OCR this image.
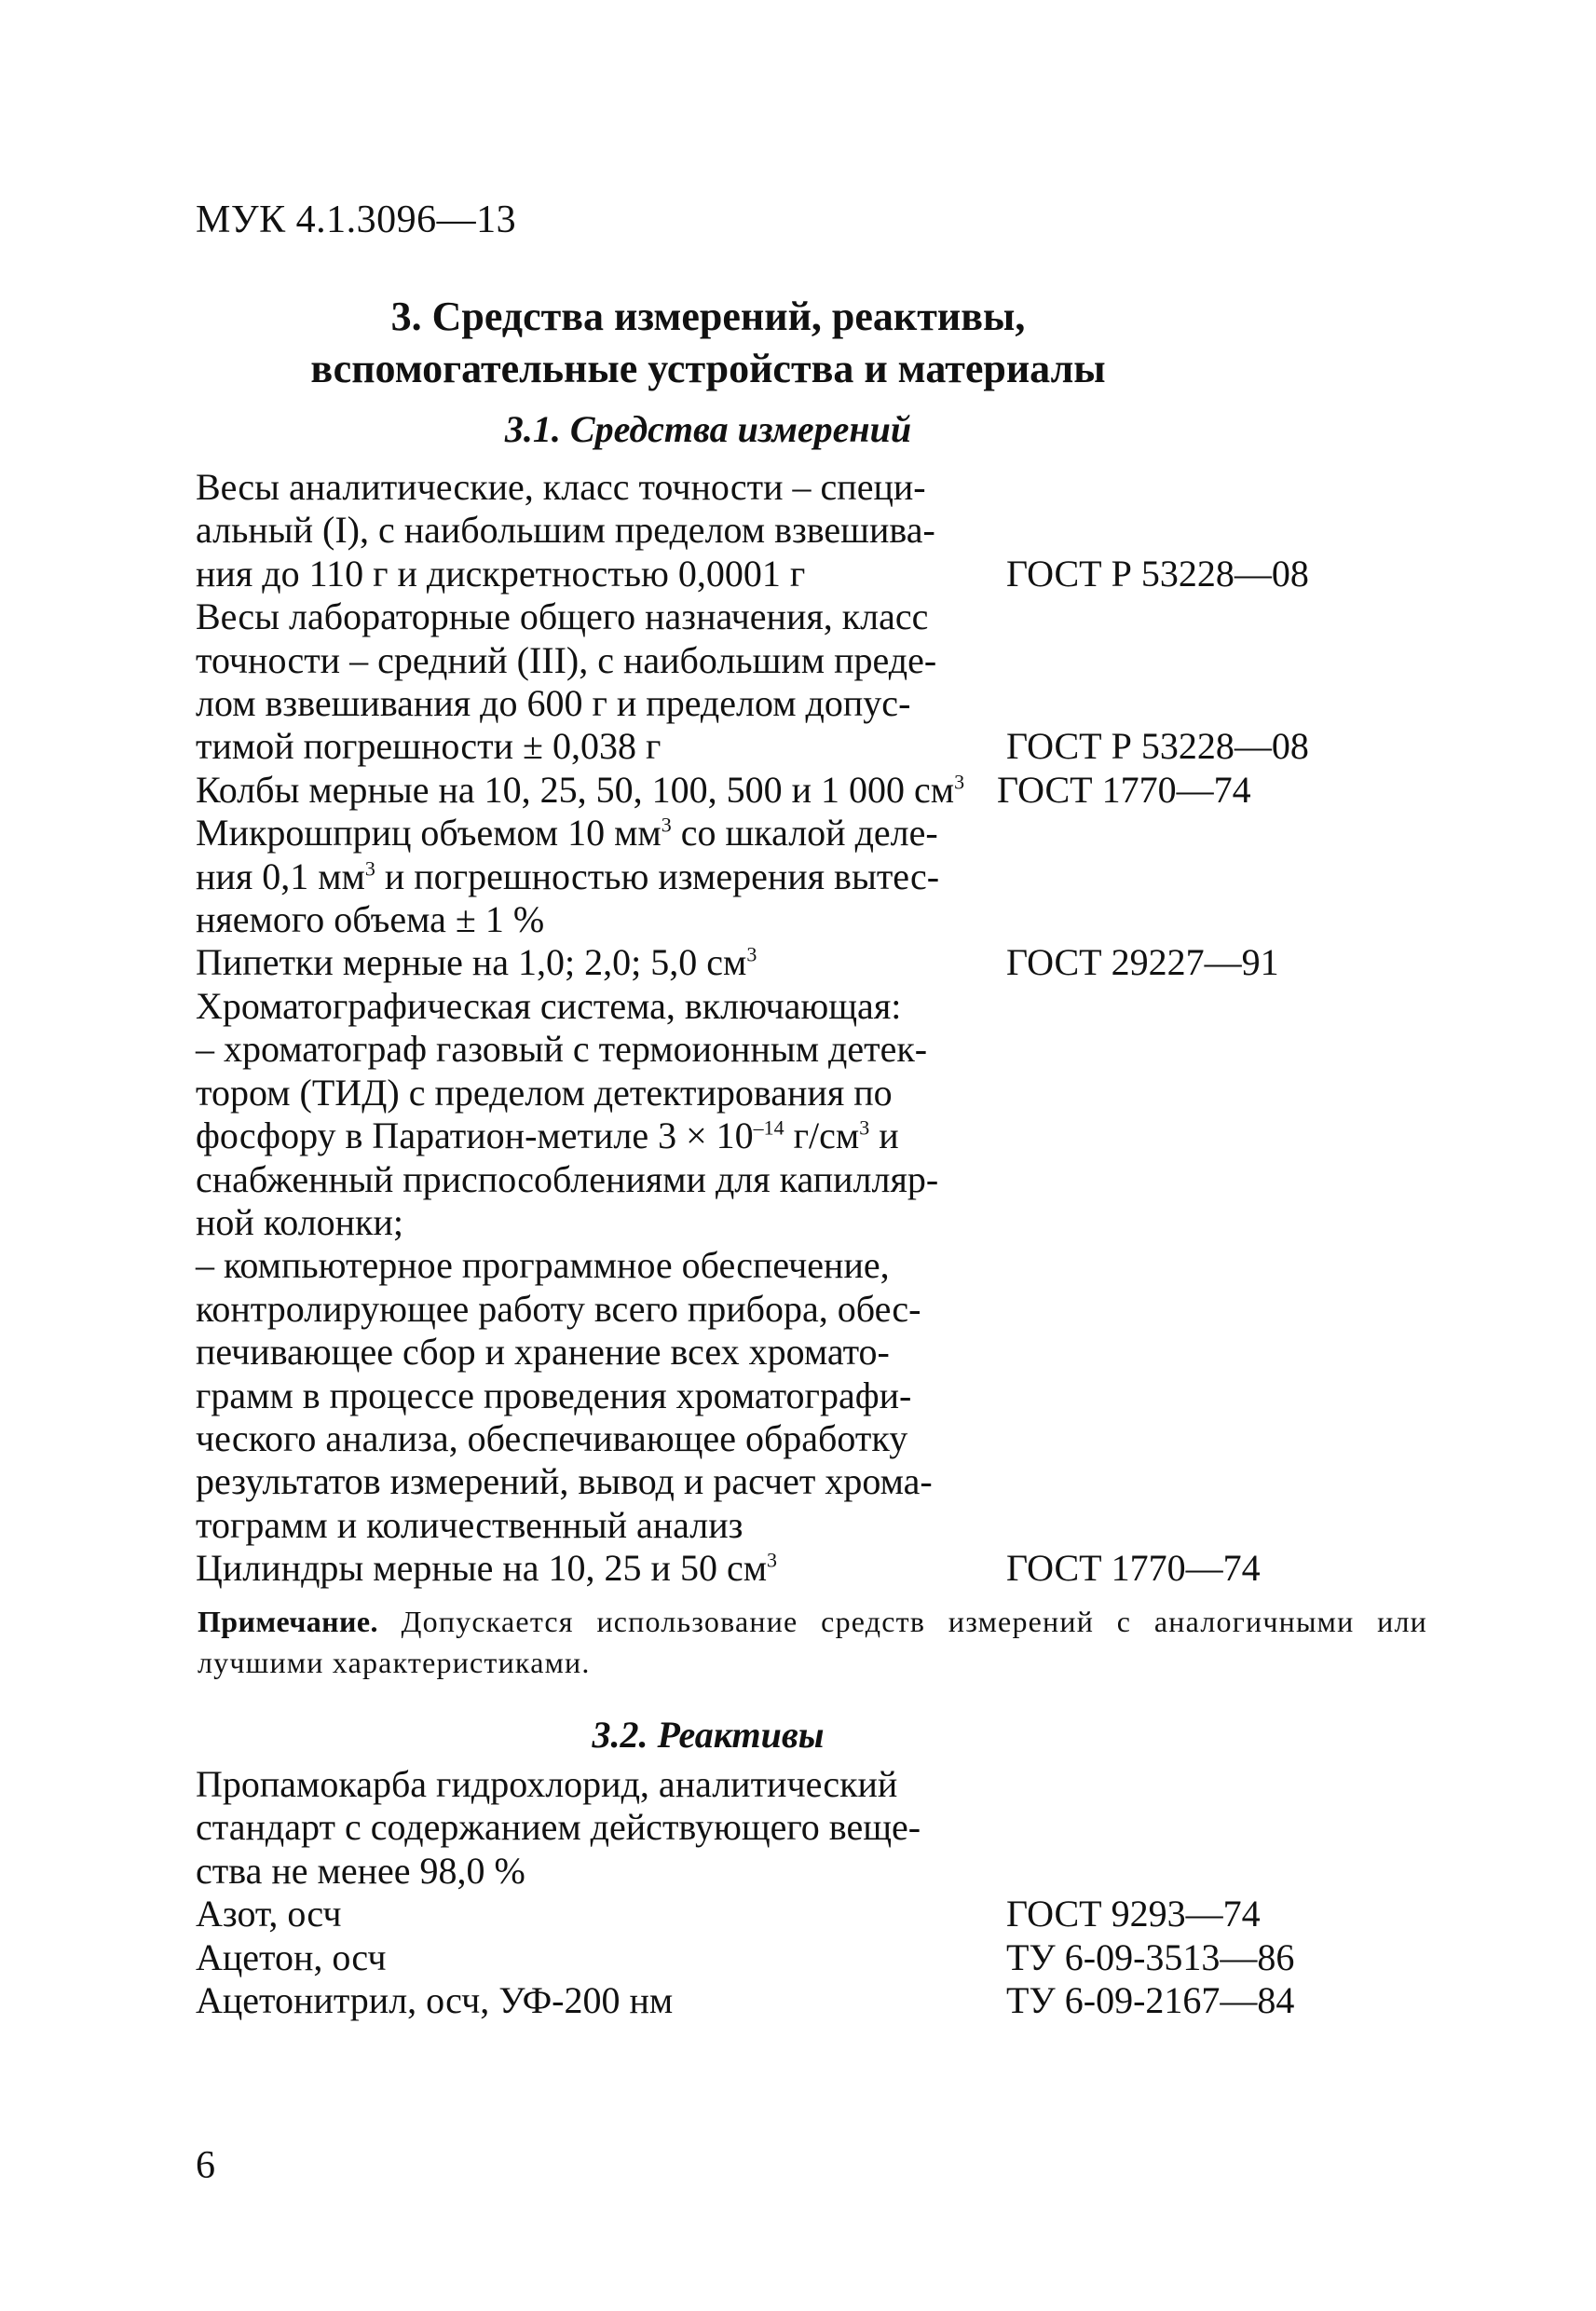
МУК 4.1.3096—13
3. Средства измерений, реактивы,
вспомогательные устройства и материалы
3.1. Средства измерений
Весы аналитические, класс точности – специ-
альный (I), с наибольшим пределом взвешива-
ния до 110 г и дискретностью 0,0001 г	ГОСТ Р 53228—08
Весы лабораторные общего назначения, класс
точности – средний (III), с наибольшим преде-
лом взвешивания до 600 г и пределом допус-
тимой погрешности ± 0,038 г	ГОСТ Р 53228—08
Колбы мерные на 10, 25, 50, 100, 500 и 1 000 $см^3$ ГОСТ 1770—74
Микрошприц объемом 10 $мм^3$ со шкалой деле-
ния 0,1 $мм^3$ и погрешностью измерения вытес-
няемого объема ± 1 %
Пипетки мерные на 1,0; 2,0; 5,0 $см^3$	ГОСТ 29227—91
Хроматографическая система, включающая:
– хроматограф газовый с термоионным детек-
тором (ТИД) с пределом детектирования по
фосфору в Паратион-метиле $3 \times 10^{-14}$ $г/см^3$ и
снабженный приспособлениями для капилляр-
ной колонки;
– компьютерное программное обеспечение,
контролирующее работу всего прибора, обес-
печивающее сбор и хранение всех хромато-
грамм в процессе проведения хроматографи-
ческого анализа, обеспечивающее обработку
результатов измерений, вывод и расчет хрома-
тограмм и количественный анализ
Цилиндры мерные на 10, 25 и 50 $см^3$	ГОСТ 1770—74
Примечание. Допускается использование средств измерений с аналогичными или лучшими характеристиками.
3.2. Реактивы
Пропамокарба гидрохлорид, аналитический
стандарт с содержанием действующего веще-
ства не менее 98,0 %
Азот, осч	ГОСТ 9293—74
Ацетон, осч	ТУ 6-09-3513—86
Ацетонитрил, осч, УФ-200 нм	ТУ 6-09-2167—84
6
